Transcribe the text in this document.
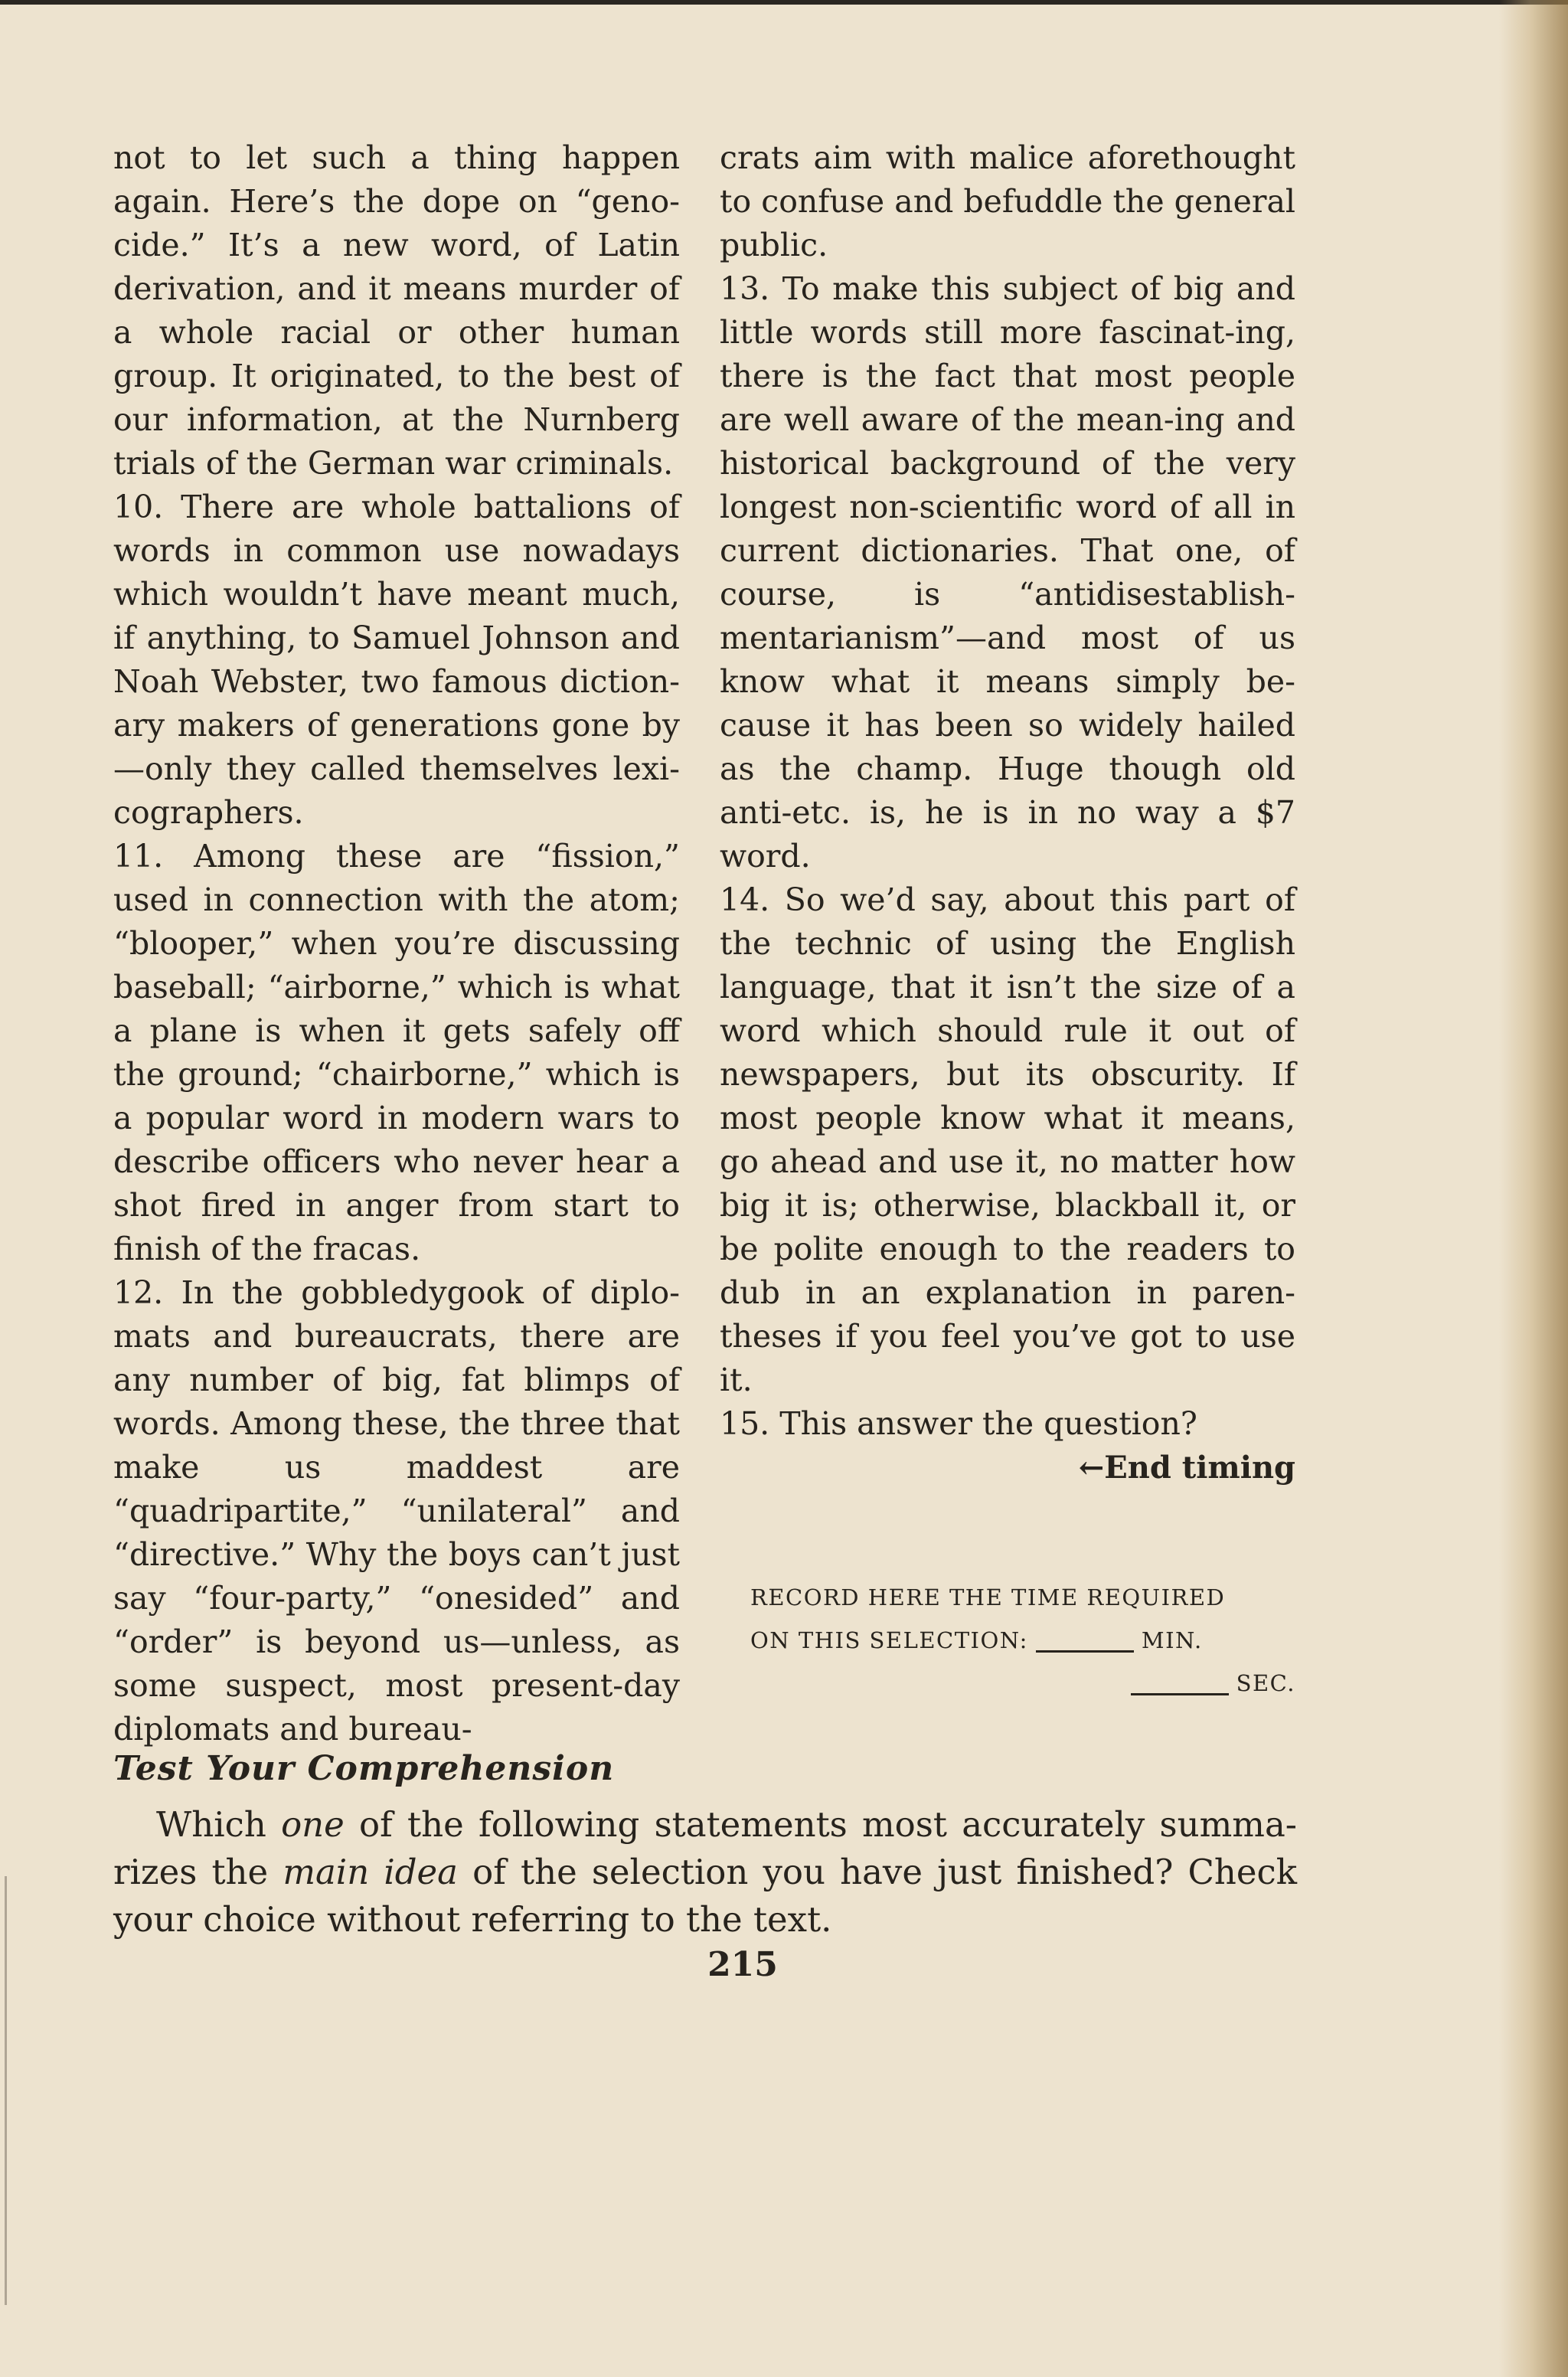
not to let such a thing happen again. Here’s the dope on “geno-cide.” It’s a new word, of Latin derivation, and it means murder of a whole racial or other human group. It originated, to the best of our information, at the Nurnberg trials of the German war criminals.

10. There are whole battalions of words in common use nowadays which wouldn’t have meant much, if anything, to Samuel Johnson and Noah Webster, two famous diction-ary makers of generations gone by —only they called themselves lexi-cographers.

11. Among these are “fission,” used in connection with the atom; “blooper,” when you’re discussing baseball; “airborne,” which is what a plane is when it gets safely off the ground; “chairborne,” which is a popular word in modern wars to describe officers who never hear a shot fired in anger from start to finish of the fracas.

12. In the gobbledygook of diplo-mats and bureaucrats, there are any number of big, fat blimps of words. Among these, the three that make us maddest are “quadripartite,” “unilateral” and “directive.” Why the boys can’t just say “four-party,” “onesided” and “order” is beyond us—unless, as some suspect, most present-day diplomats and bureau-

crats aim with malice aforethought to confuse and befuddle the general public.

13. To make this subject of big and little words still more fascinat-ing, there is the fact that most people are well aware of the mean-ing and historical background of the very longest non-scientific word of all in current dictionaries. That one, of course, is “antidisestablish-mentarianism”—and most of us know what it means simply be-cause it has been so widely hailed as the champ. Huge though old anti-etc. is, he is in no way a $7 word.

14. So we’d say, about this part of the technic of using the English language, that it isn’t the size of a word which should rule it out of newspapers, but its obscurity. If most people know what it means, go ahead and use it, no matter how big it is; otherwise, blackball it, or be polite enough to the readers to dub in an explanation in paren-theses if you feel you’ve got to use it.

15. This answer the question?

←End timing
RECORD HERE THE TIME REQUIRED
ON THIS SELECTION:	MIN.
SEC.
Test Your Comprehension
Which one of the following statements most accurately summa-rizes the main idea of the selection you have just finished? Check your choice without referring to the text.
215
